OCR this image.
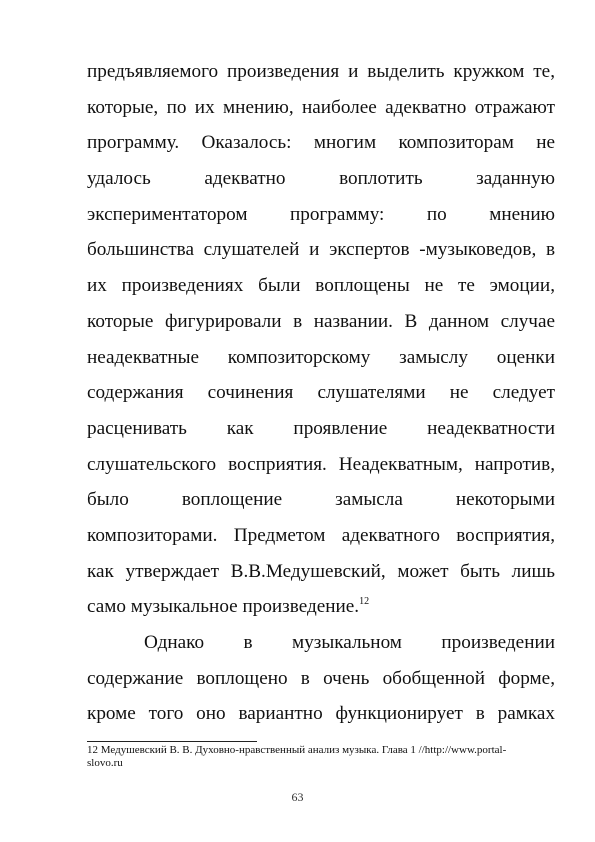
предъявляемого произведения и выделить кружком те,
которые, по их мнению, наиболее адекватно отражают
программу. Оказалось: многим композиторам не
удалось адекватно воплотить заданную
экспериментатором программу: по мнению
большинства слушателей и экспертов -музыковедов, в
их произведениях были воплощены не те эмоции,
которые фигурировали в названии. В данном случае
неадекватные композиторскому замыслу оценки
содержания сочинения слушателями не следует
расценивать как проявление неадекватности
слушательского восприятия. Неадекватным, напротив,
было воплощение замысла некоторыми
композиторами. Предметом адекватного восприятия,
как утверждает В.В.Медушевский, может быть лишь
само музыкальное произведение.$^{12}$
Однако в музыкальном произведении
содержание воплощено в очень обобщенной форме,
кроме того оно вариантно функционирует в рамках
12 Медушевский В. В. Духовно-нравственный анализ музыка. Глава 1 //http://www.portal-
slovo.ru
63
